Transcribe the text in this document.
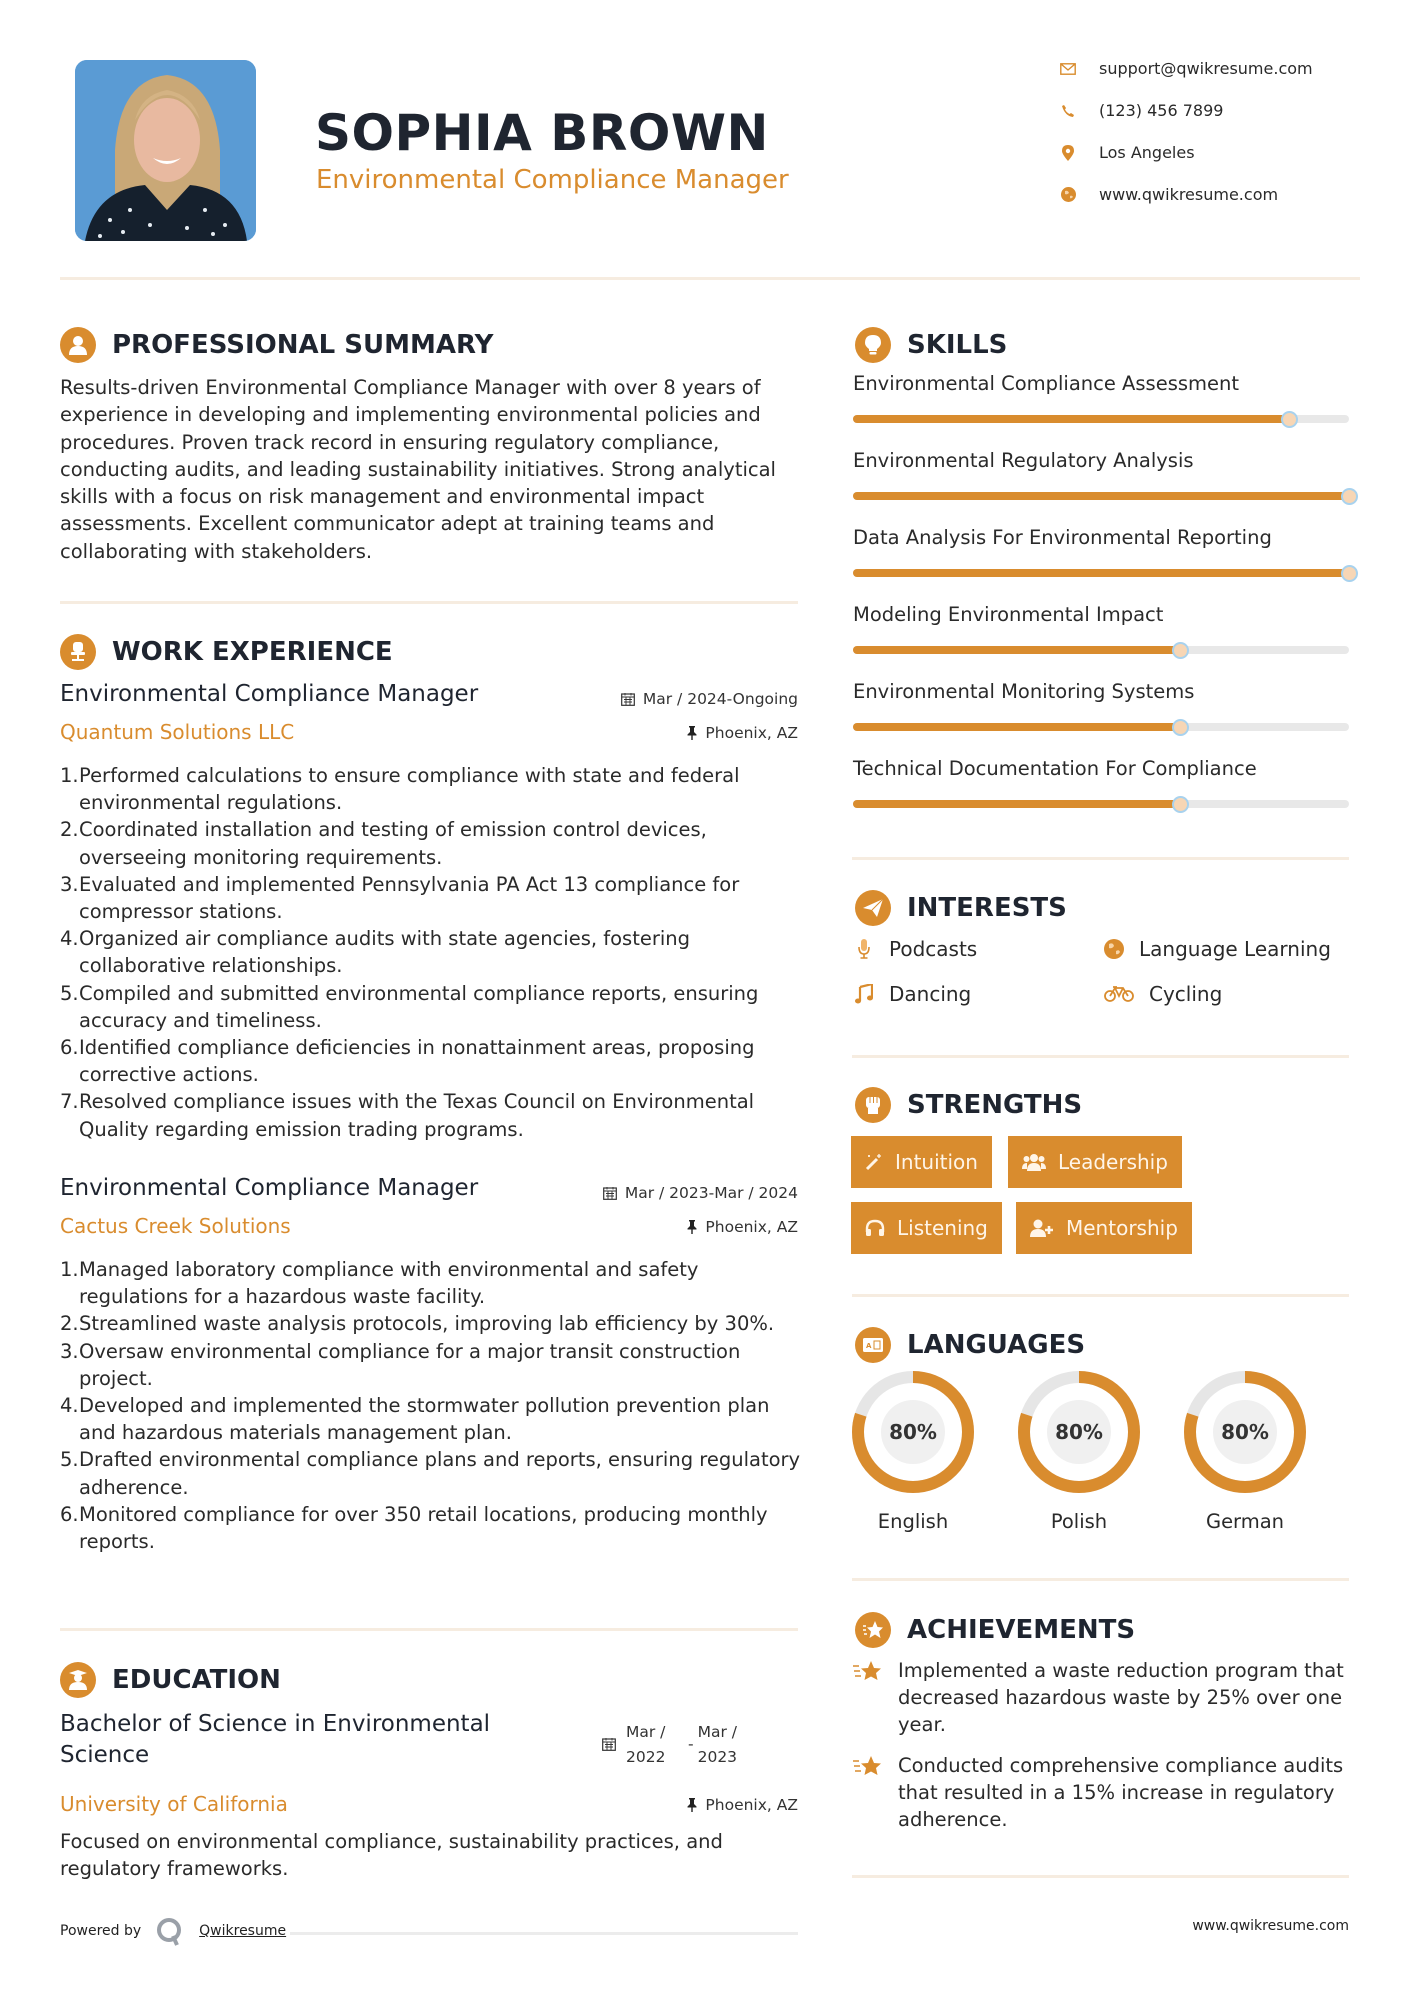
SOPHIA BROWN
Environmental Compliance Manager
support@qwikresume.com
(123) 456 7899
Los Angeles
www.qwikresume.com
PROFESSIONAL SUMMARY
Results-driven Environmental Compliance Manager with over 8 years of experience in developing and implementing environmental policies and procedures. Proven track record in ensuring regulatory compliance, conducting audits, and leading sustainability initiatives. Strong analytical skills with a focus on risk management and environmental impact assessments. Excellent communicator adept at training teams and collaborating with stakeholders.
WORK EXPERIENCE
Environmental Compliance Manager	Mar / 2024-Ongoing
Quantum Solutions LLC	Phoenix, AZ
1. Performed calculations to ensure compliance with state and federal environmental regulations.
2. Coordinated installation and testing of emission control devices, overseeing monitoring requirements.
3. Evaluated and implemented Pennsylvania PA Act 13 compliance for compressor stations.
4. Organized air compliance audits with state agencies, fostering collaborative relationships.
5. Compiled and submitted environmental compliance reports, ensuring accuracy and timeliness.
6. Identified compliance deficiencies in nonattainment areas, proposing corrective actions.
7. Resolved compliance issues with the Texas Council on Environmental Quality regarding emission trading programs.
Environmental Compliance Manager	Mar / 2023-Mar / 2024
Cactus Creek Solutions	Phoenix, AZ
1. Managed laboratory compliance with environmental and safety regulations for a hazardous waste facility.
2. Streamlined waste analysis protocols, improving lab efficiency by 30%.
3. Oversaw environmental compliance for a major transit construction project.
4. Developed and implemented the stormwater pollution prevention plan and hazardous materials management plan.
5. Drafted environmental compliance plans and reports, ensuring regulatory adherence.
6. Monitored compliance for over 350 retail locations, producing monthly reports.
EDUCATION
Bachelor of Science in Environmental Science
Mar / 2022
-
Mar / 2023
University of California	Phoenix, AZ
Focused on environmental compliance, sustainability practices, and regulatory frameworks.
Powered by	Qwikresume
SKILLS
Environmental Compliance Assessment
Environmental Regulatory Analysis
Data Analysis For Environmental Reporting
Modeling Environmental Impact
Environmental Monitoring Systems
Technical Documentation For Compliance
INTERESTS
Podcasts	Language Learning
Dancing	Cycling
STRENGTHS
Intuition	Leadership
Listening	Mentorship
A LANGUAGES
80%
English
80%
Polish
80%
German
ACHIEVEMENTS
Implemented a waste reduction program that decreased hazardous waste by 25% over one year.
Conducted comprehensive compliance audits that resulted in a 15% increase in regulatory adherence.
www.qwikresume.com
